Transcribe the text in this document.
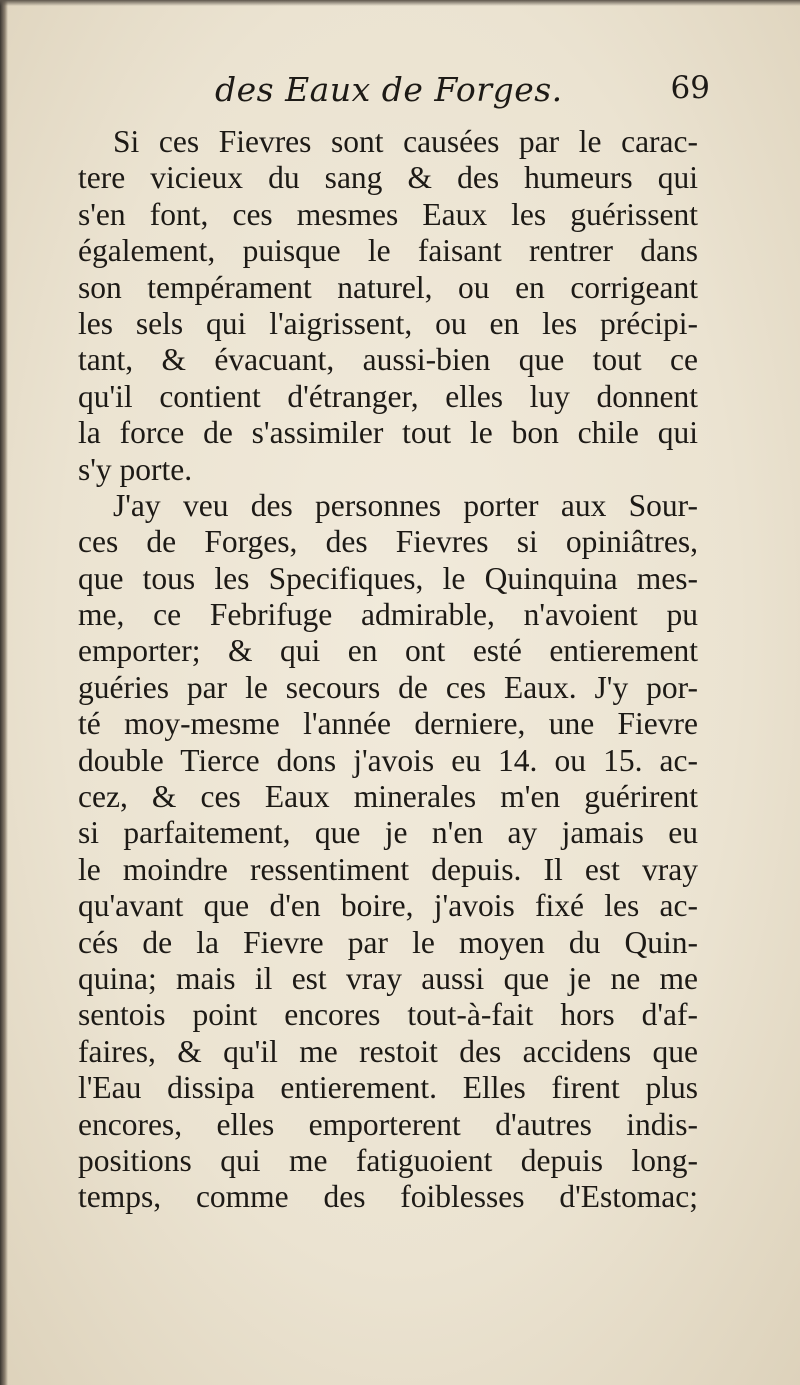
des Eaux de Forges.	69
Si ces Fievres sont causées par le carac-
tere vicieux du sang & des humeurs qui
s'en font, ces mesmes Eaux les guérissent
également, puisque le faisant rentrer dans
son tempérament naturel, ou en corrigeant
les sels qui l'aigrissent, ou en les précipi-
tant, & évacuant, aussi-bien que tout ce
qu'il contient d'étranger, elles luy donnent
la force de s'assimiler tout le bon chile qui
s'y porte.
J'ay veu des personnes porter aux Sour-
ces de Forges, des Fievres si opiniâtres,
que tous les Specifiques, le Quinquina mes-
me, ce Febrifuge admirable, n'avoient pu
emporter; & qui en ont esté entierement
guéries par le secours de ces Eaux. J'y por-
té moy-mesme l'année derniere, une Fievre
double Tierce dons j'avois eu 14. ou 15. ac-
cez, & ces Eaux minerales m'en guérirent
si parfaitement, que je n'en ay jamais eu
le moindre ressentiment depuis. Il est vray
qu'avant que d'en boire, j'avois fixé les ac-
cés de la Fievre par le moyen du Quin-
quina; mais il est vray aussi que je ne me
sentois point encores tout-à-fait hors d'af-
faires, & qu'il me restoit des accidens que
l'Eau dissipa entierement. Elles firent plus
encores, elles emporterent d'autres indis-
positions qui me fatiguoient depuis long-
temps, comme des foiblesses d'Estomac;
